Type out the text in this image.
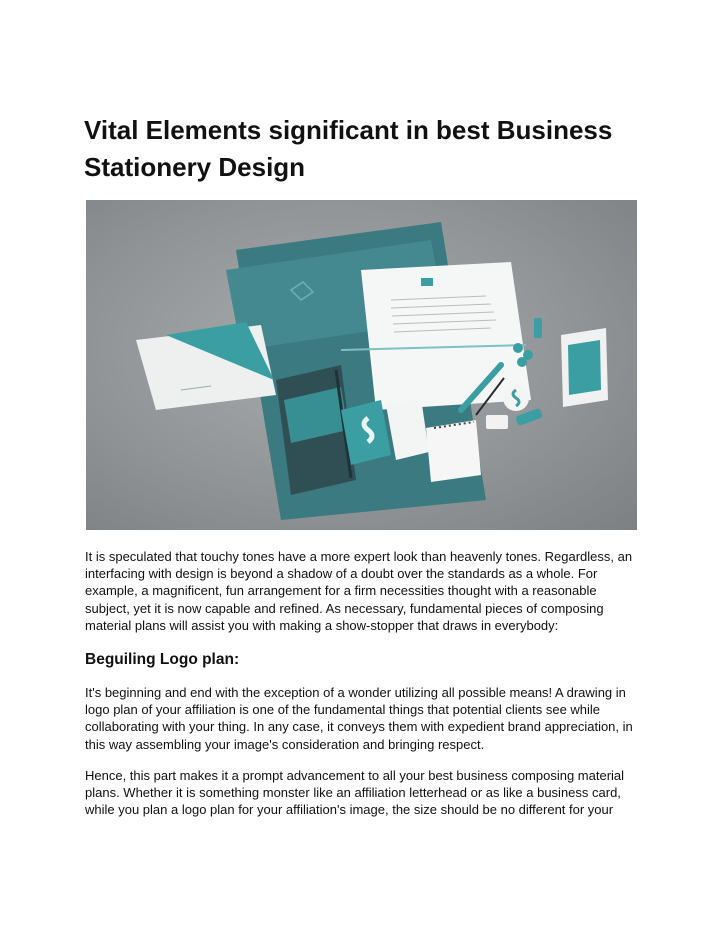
Vital Elements significant in best Business
Stationery Design

It is speculated that touchy tones have a more expert look than heavenly tones. Regardless, an interfacing with design is beyond a shadow of a doubt over the standards as a whole. For example, a magnificent, fun arrangement for a firm necessities thought with a reasonable subject, yet it is now capable and refined. As necessary, fundamental pieces of composing material plans will assist you with making a show-stopper that draws in everybody:

Beguiling Logo plan:

It's beginning and end with the exception of a wonder utilizing all possible means! A drawing in logo plan of your affiliation is one of the fundamental things that potential clients see while collaborating with your thing. In any case, it conveys them with expedient brand appreciation, in this way assembling your image's consideration and bringing respect.

Hence, this part makes it a prompt advancement to all your best business composing material plans. Whether it is something monster like an affiliation letterhead or as like a business card, while you plan a logo plan for your affiliation's image, the size should be no different for your
